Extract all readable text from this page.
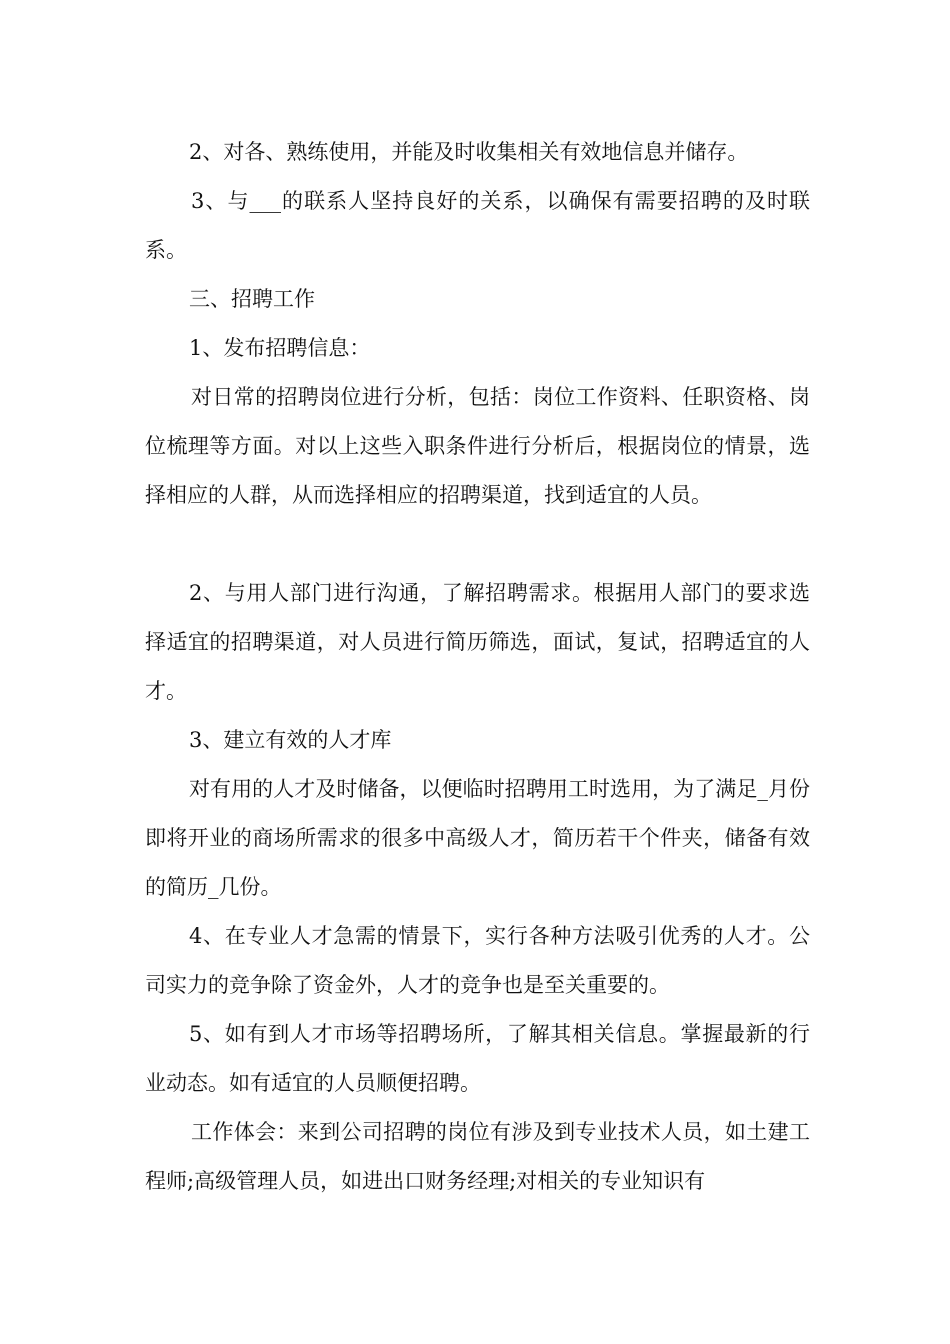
2、对各、熟练使用，并能及时收集相关有效地信息并储存。

3、与___的联系人坚持良好的关系，以确保有需要招聘的及时联系。

三、招聘工作

1、发布招聘信息：

对日常的招聘岗位进行分析，包括：岗位工作资料、任职资格、岗位梳理等方面。对以上这些入职条件进行分析后，根据岗位的情景，选择相应的人群，从而选择相应的招聘渠道，找到适宜的人员。

2、与用人部门进行沟通，了解招聘需求。根据用人部门的要求选择适宜的招聘渠道，对人员进行简历筛选，面试，复试，招聘适宜的人才。

3、建立有效的人才库

对有用的人才及时储备，以便临时招聘用工时选用，为了满足_月份即将开业的商场所需求的很多中高级人才，简历若干个件夹，储备有效的简历_几份。

4、在专业人才急需的情景下，实行各种方法吸引优秀的人才。公司实力的竞争除了资金外，人才的竞争也是至关重要的。

5、如有到人才市场等招聘场所，了解其相关信息。掌握最新的行业动态。如有适宜的人员顺便招聘。

工作体会：来到公司招聘的岗位有涉及到专业技术人员，如土建工程师;高级管理人员，如进出口财务经理;对相关的专业知识有
